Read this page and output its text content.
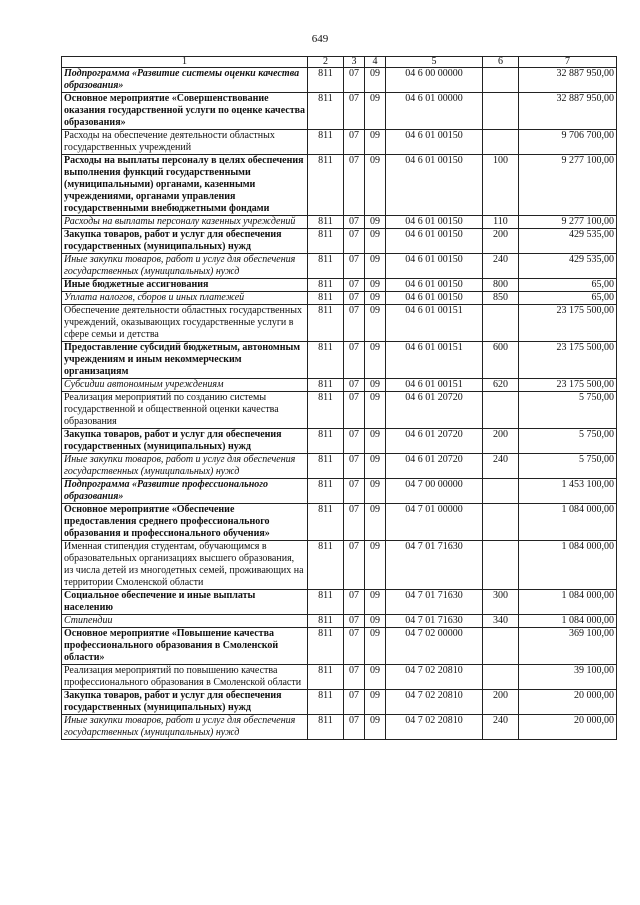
649
1	2	3	4	5	6	7
Подпрограмма «Развитие системы оценки качества образования»	811	07	09	04 6 00 00000		32 887 950,00
Основное мероприятие «Совершенствование оказания государственной услуги по оценке качества образования»	811	07	09	04 6 01 00000		32 887 950,00
Расходы на обеспечение деятельности областных государственных учреждений	811	07	09	04 6 01 00150		9 706 700,00
Расходы на выплаты персоналу в целях обеспечения выполнения функций государственными (муниципальными) органами, казенными учреждениями, органами управления государственными внебюджетными фондами	811	07	09	04 6 01 00150	100	9 277 100,00
Расходы на выплаты персоналу казенных учреждений	811	07	09	04 6 01 00150	110	9 277 100,00
Закупка товаров, работ и услуг для обеспечения государственных (муниципальных) нужд	811	07	09	04 6 01 00150	200	429 535,00
Иные закупки товаров, работ и услуг для обеспечения государственных (муниципальных) нужд	811	07	09	04 6 01 00150	240	429 535,00
Иные бюджетные ассигнования	811	07	09	04 6 01 00150	800	65,00
Уплата налогов, сборов и иных платежей	811	07	09	04 6 01 00150	850	65,00
Обеспечение деятельности областных государственных учреждений, оказывающих государственные услуги в сфере семьи и детства	811	07	09	04 6 01 00151		23 175 500,00
Предоставление субсидий бюджетным, автономным учреждениям и иным некоммерческим организациям	811	07	09	04 6 01 00151	600	23 175 500,00
Субсидии автономным учреждениям	811	07	09	04 6 01 00151	620	23 175 500,00
Реализация мероприятий по созданию системы государственной и общественной оценки качества образования	811	07	09	04 6 01 20720		5 750,00
Закупка товаров, работ и услуг для обеспечения государственных (муниципальных) нужд	811	07	09	04 6 01 20720	200	5 750,00
Иные закупки товаров, работ и услуг для обеспечения государственных (муниципальных) нужд	811	07	09	04 6 01 20720	240	5 750,00
Подпрограмма «Развитие профессионального образования»	811	07	09	04 7 00 00000		1 453 100,00
Основное мероприятие «Обеспечение предоставления среднего профессионального образования и профессионального обучения»	811	07	09	04 7 01 00000		1 084 000,00
Именная стипендия студентам, обучающимся в образовательных организациях высшего образования, из числа детей из многодетных семей, проживающих на территории Смоленской области	811	07	09	04 7 01 71630		1 084 000,00
Социальное обеспечение и иные выплаты населению	811	07	09	04 7 01 71630	300	1 084 000,00
Стипендии	811	07	09	04 7 01 71630	340	1 084 000,00
Основное мероприятие «Повышение качества профессионального образования в Смоленской области»	811	07	09	04 7 02 00000		369 100,00
Реализация мероприятий по повышению качества профессионального образования в Смоленской области	811	07	09	04 7 02 20810		39 100,00
Закупка товаров, работ и услуг для обеспечения государственных (муниципальных) нужд	811	07	09	04 7 02 20810	200	20 000,00
Иные закупки товаров, работ и услуг для обеспечения государственных (муниципальных) нужд	811	07	09	04 7 02 20810	240	20 000,00
